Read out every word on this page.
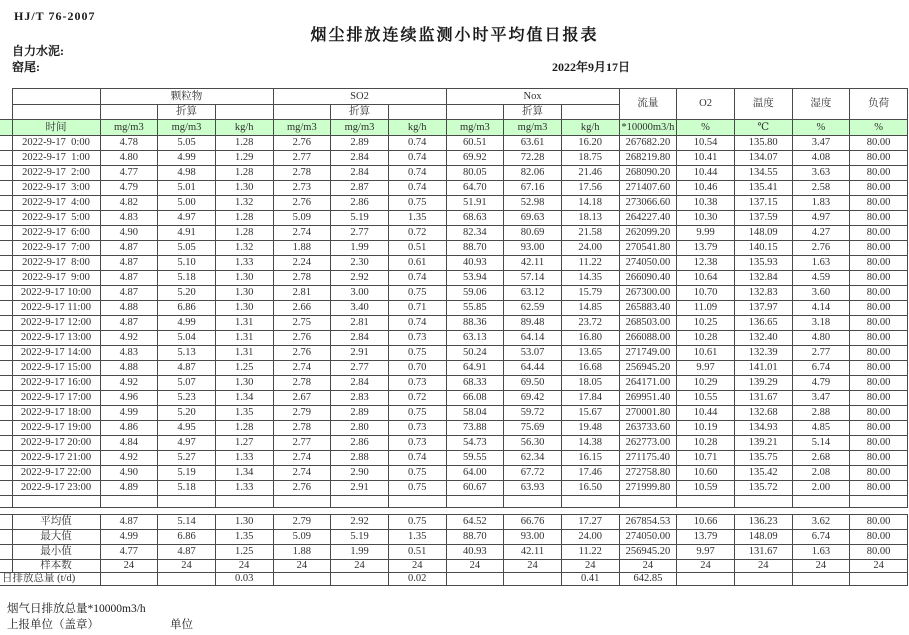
HJ/T 76-2007
烟尘排放连续监测小时平均值日报表
自力水泥:
窑尾:	2022年9月17日
		颗粒物			SO2			Nox			流量	O2	温度	湿度	负荷
			折算			折算			折算						
	时间	mg/m3	mg/m3	kg/h	mg/m3	mg/m3	kg/h	mg/m3	mg/m3	kg/h	*10000m3/h	%	℃	%	%
	2022-9-17  0:00	4.78	5.05	1.28	2.76	2.89	0.74	60.51	63.61	16.20	267682.20	10.54	135.80	3.47	80.00
	2022-9-17  1:00	4.80	4.99	1.29	2.77	2.84	0.74	69.92	72.28	18.75	268219.80	10.41	134.07	4.08	80.00
	2022-9-17  2:00	4.77	4.98	1.28	2.78	2.84	0.74	80.05	82.06	21.46	268090.20	10.44	134.55	3.63	80.00
	2022-9-17  3:00	4.79	5.01	1.30	2.73	2.87	0.74	64.70	67.16	17.56	271407.60	10.46	135.41	2.58	80.00
	2022-9-17  4:00	4.82	5.00	1.32	2.76	2.86	0.75	51.91	52.98	14.18	273066.60	10.38	137.15	1.83	80.00
	2022-9-17  5:00	4.83	4.97	1.28	5.09	5.19	1.35	68.63	69.63	18.13	264227.40	10.30	137.59	4.97	80.00
	2022-9-17  6:00	4.90	4.91	1.28	2.74	2.77	0.72	82.34	80.69	21.58	262099.20	9.99	148.09	4.27	80.00
	2022-9-17  7:00	4.87	5.05	1.32	1.88	1.99	0.51	88.70	93.00	24.00	270541.80	13.79	140.15	2.76	80.00
	2022-9-17  8:00	4.87	5.10	1.33	2.24	2.30	0.61	40.93	42.11	11.22	274050.00	12.38	135.93	1.63	80.00
	2022-9-17  9:00	4.87	5.18	1.30	2.78	2.92	0.74	53.94	57.14	14.35	266090.40	10.64	132.84	4.59	80.00
	2022-9-17 10:00	4.87	5.20	1.30	2.81	3.00	0.75	59.06	63.12	15.79	267300.00	10.70	132.83	3.60	80.00
	2022-9-17 11:00	4.88	6.86	1.30	2.66	3.40	0.71	55.85	62.59	14.85	265883.40	11.09	137.97	4.14	80.00
	2022-9-17 12:00	4.87	4.99	1.31	2.75	2.81	0.74	88.36	89.48	23.72	268503.00	10.25	136.65	3.18	80.00
	2022-9-17 13:00	4.92	5.04	1.31	2.76	2.84	0.73	63.13	64.14	16.80	266088.00	10.28	132.40	4.80	80.00
	2022-9-17 14:00	4.83	5.13	1.31	2.76	2.91	0.75	50.24	53.07	13.65	271749.00	10.61	132.39	2.77	80.00
	2022-9-17 15:00	4.88	4.87	1.25	2.74	2.77	0.70	64.91	64.44	16.68	256945.20	9.97	141.01	6.74	80.00
	2022-9-17 16:00	4.92	5.07	1.30	2.78	2.84	0.73	68.33	69.50	18.05	264171.00	10.29	139.29	4.79	80.00
	2022-9-17 17:00	4.96	5.23	1.34	2.67	2.83	0.72	66.08	69.42	17.84	269951.40	10.55	131.67	3.47	80.00
	2022-9-17 18:00	4.99	5.20	1.35	2.79	2.89	0.75	58.04	59.72	15.67	270001.80	10.44	132.68	2.88	80.00
	2022-9-17 19:00	4.86	4.95	1.28	2.78	2.80	0.73	73.88	75.69	19.48	263733.60	10.19	134.93	4.85	80.00
	2022-9-17 20:00	4.84	4.97	1.27	2.77	2.86	0.73	54.73	56.30	14.38	262773.00	10.28	139.21	5.14	80.00
	2022-9-17 21:00	4.92	5.27	1.33	2.74	2.88	0.74	59.55	62.34	16.15	271175.40	10.71	135.75	2.68	80.00
	2022-9-17 22:00	4.90	5.19	1.34	2.74	2.90	0.75	64.00	67.72	17.46	272758.80	10.60	135.42	2.08	80.00
	2022-9-17 23:00	4.89	5.18	1.33	2.76	2.91	0.75	60.67	63.93	16.50	271999.80	10.59	135.72	2.00	80.00

	平均值	4.87	5.14	1.30	2.79	2.92	0.75	64.52	66.76	17.27	267854.53	10.66	136.23	3.62	80.00
	最大值	4.99	6.86	1.35	5.09	5.19	1.35	88.70	93.00	24.00	274050.00	13.79	148.09	6.74	80.00
	最小值	4.77	4.87	1.25	1.88	1.99	0.51	40.93	42.11	11.22	256945.20	9.97	131.67	1.63	80.00
	样本数	24	24	24	24	24	24	24	24	24	24	24	24	24	24
日排放总量 (t/d)				0.03			0.02			0.41	642.85				
烟气日排放总量*10000m3/h
上报单位（盖章）	单位
